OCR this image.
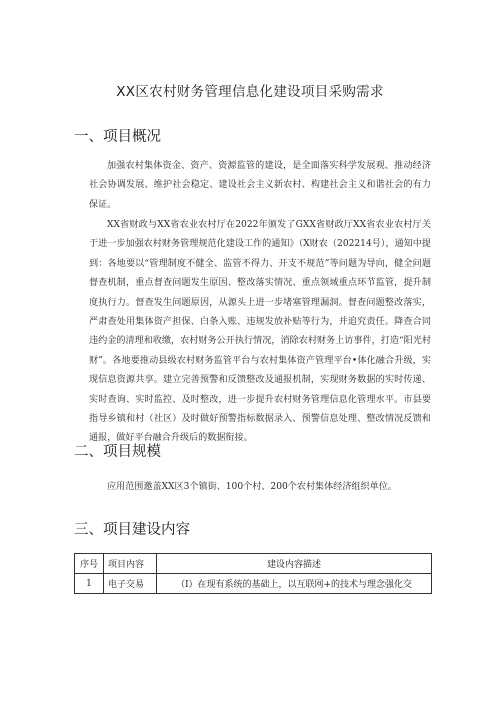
XX区农村财务管理信息化建设项目采购需求
一、项目概况

加强农村集体资金、资产、资源监管的建设，是全面落实科学发展观、推动经济社会协调发展、维护社会稳定、建设社会主义新农村、构建社会主义和谐社会的有力保证。

XX省财政与XX省农业农村厅在2022年颁发了GXX省财政厅XX省农业农村厅关于进一步加强农村财务管理规范化建设工作的通知》（X财农（202214号），通知中提到：各地要以“管理制度不健全、监管不得力、开支不规范”等问题为导向，健全问题督查机制，重点督查问题发生原因、整改落实情况、重点领域重点环节监管，提升制度执行力。督查发生问题原因，从源头上进一步堵塞管理漏洞。督查问题整改落实，严肃查处用集体资产担保、白条入账、违规发放补贴等行为，并追究责任。降查合同违约金的清理和收缴，农村财务公开执行情况，消除农村财务上访事件，打造“阳光村财”。各地要推动县级农村财务监管平台与农村集体资产管理平台•体化融合升级，实现信息资源共享。建立完善预警和反馈整改及通报机制，实现财务数据的实时传递、实时查询、实时监控、及时整改，进一步提升农村财务管理信息化管理水平。市县要指导乡镇和村（社区）及时做好预警指标数据录入、预警信息处理、整改情况反馈和通报，做好平台融合升级后的数据衔接。

二、项目规模

应用范围邀盖XX区3个镇街、100个村、200个农村集体经济组织单位。

三、项目建设内容
序号	项目内容	建设内容描述
1	电子交易	（I）在现有系统的基础上，以互联网+的技术与理念强化交
